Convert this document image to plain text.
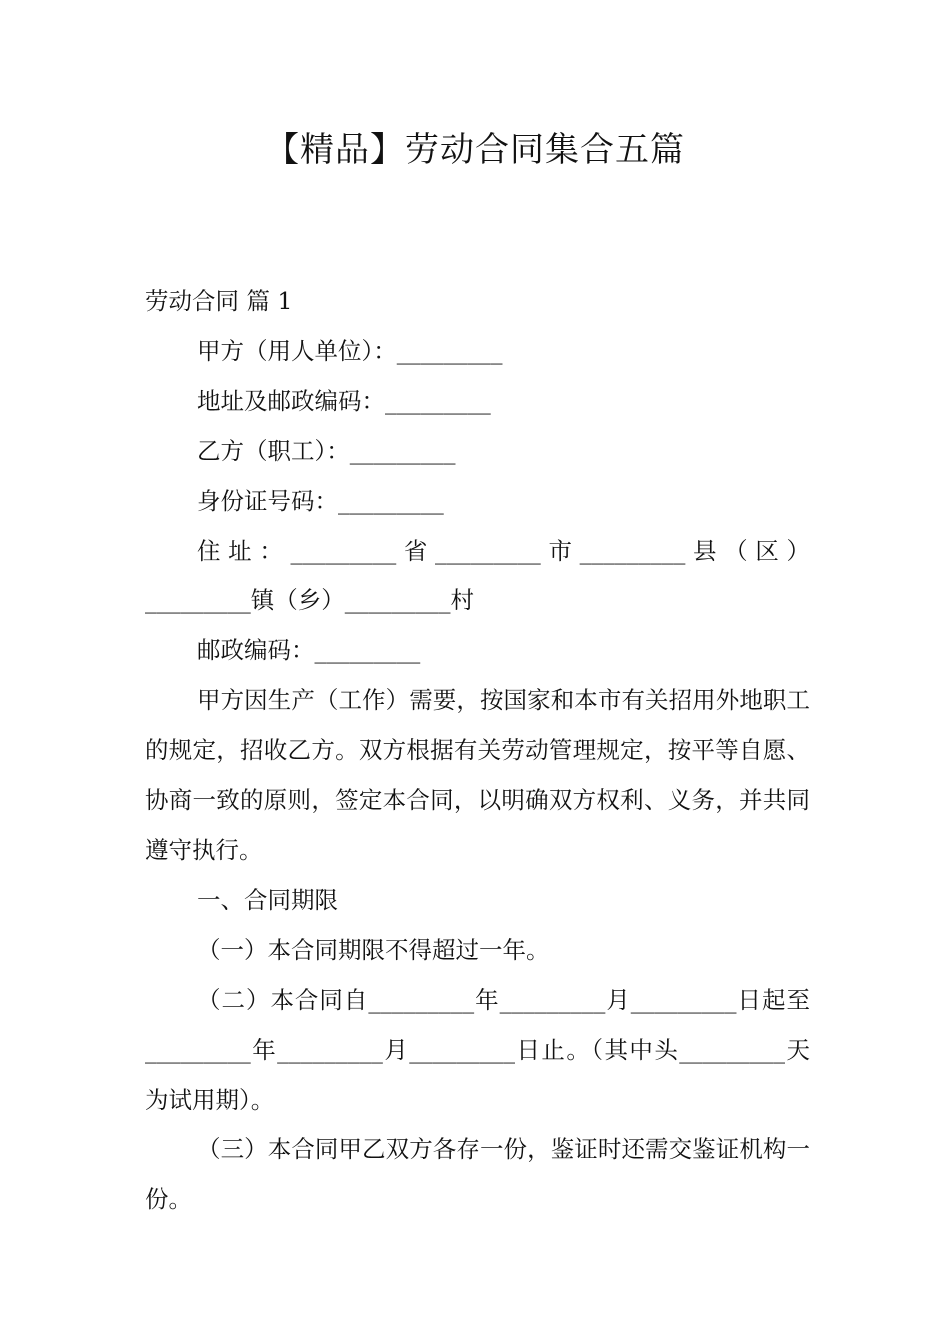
【精品】劳动合同集合五篇

劳动合同 篇 1

甲方（用人单位）：_________

地址及邮政编码：_________

乙方（职工）：_________

身份证号码：_________

住址：_________省_________市_________县（区）_________镇（乡）_________村

邮政编码：_________

甲方因生产（工作）需要，按国家和本市有关招用外地职工的规定，招收乙方。双方根据有关劳动管理规定，按平等自愿、协商一致的原则，签定本合同，以明确双方权利、义务，并共同遵守执行。

一、合同期限

（一）本合同期限不得超过一年。

（二）本合同自_________年_________月_________日起至_________年_________月_________日止。（其中头_________天为试用期）。

（三）本合同甲乙双方各存一份，鉴证时还需交鉴证机构一份。
